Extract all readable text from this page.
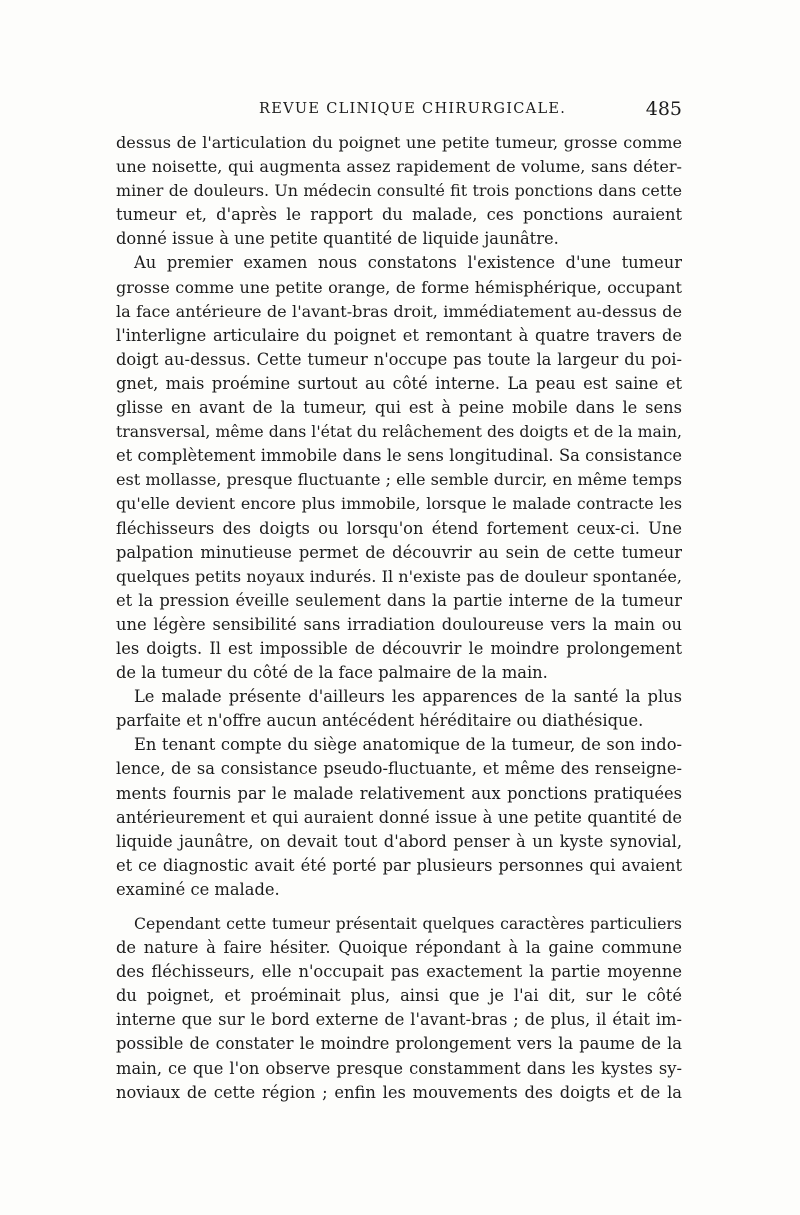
REVUE CLINIQUE CHIRURGICALE.	485
dessus de l'articulation du poignet une petite tumeur, grosse comme
une noisette, qui augmenta assez rapidement de volume, sans déter-
miner de douleurs. Un médecin consulté fit trois ponctions dans cette
tumeur et, d'après le rapport du malade, ces ponctions auraient
donné issue à une petite quantité de liquide jaunâtre.
Au premier examen nous constatons l'existence d'une tumeur
grosse comme une petite orange, de forme hémisphérique, occupant
la face antérieure de l'avant-bras droit, immédiatement au-dessus de
l'interligne articulaire du poignet et remontant à quatre travers de
doigt au-dessus. Cette tumeur n'occupe pas toute la largeur du poi-
gnet, mais proémine surtout au côté interne. La peau est saine et
glisse en avant de la tumeur, qui est à peine mobile dans le sens
transversal, même dans l'état du relâchement des doigts et de la main,
et complètement immobile dans le sens longitudinal. Sa consistance
est mollasse, presque fluctuante ; elle semble durcir, en même temps
qu'elle devient encore plus immobile, lorsque le malade contracte les
fléchisseurs des doigts ou lorsqu'on étend fortement ceux-ci. Une
palpation minutieuse permet de découvrir au sein de cette tumeur
quelques petits noyaux indurés. Il n'existe pas de douleur spontanée,
et la pression éveille seulement dans la partie interne de la tumeur
une légère sensibilité sans irradiation douloureuse vers la main ou
les doigts. Il est impossible de découvrir le moindre prolongement
de la tumeur du côté de la face palmaire de la main.
Le malade présente d'ailleurs les apparences de la santé la plus
parfaite et n'offre aucun antécédent héréditaire ou diathésique.
En tenant compte du siège anatomique de la tumeur, de son indo-
lence, de sa consistance pseudo-fluctuante, et même des renseigne-
ments fournis par le malade relativement aux ponctions pratiquées
antérieurement et qui auraient donné issue à une petite quantité de
liquide jaunâtre, on devait tout d'abord penser à un kyste synovial,
et ce diagnostic avait été porté par plusieurs personnes qui avaient
examiné ce malade.
Cependant cette tumeur présentait quelques caractères particuliers
de nature à faire hésiter. Quoique répondant à la gaine commune
des fléchisseurs, elle n'occupait pas exactement la partie moyenne
du poignet, et proéminait plus, ainsi que je l'ai dit, sur le côté
interne que sur le bord externe de l'avant-bras ; de plus, il était im-
possible de constater le moindre prolongement vers la paume de la
main, ce que l'on observe presque constamment dans les kystes sy-
noviaux de cette région ; enfin les mouvements des doigts et de la
